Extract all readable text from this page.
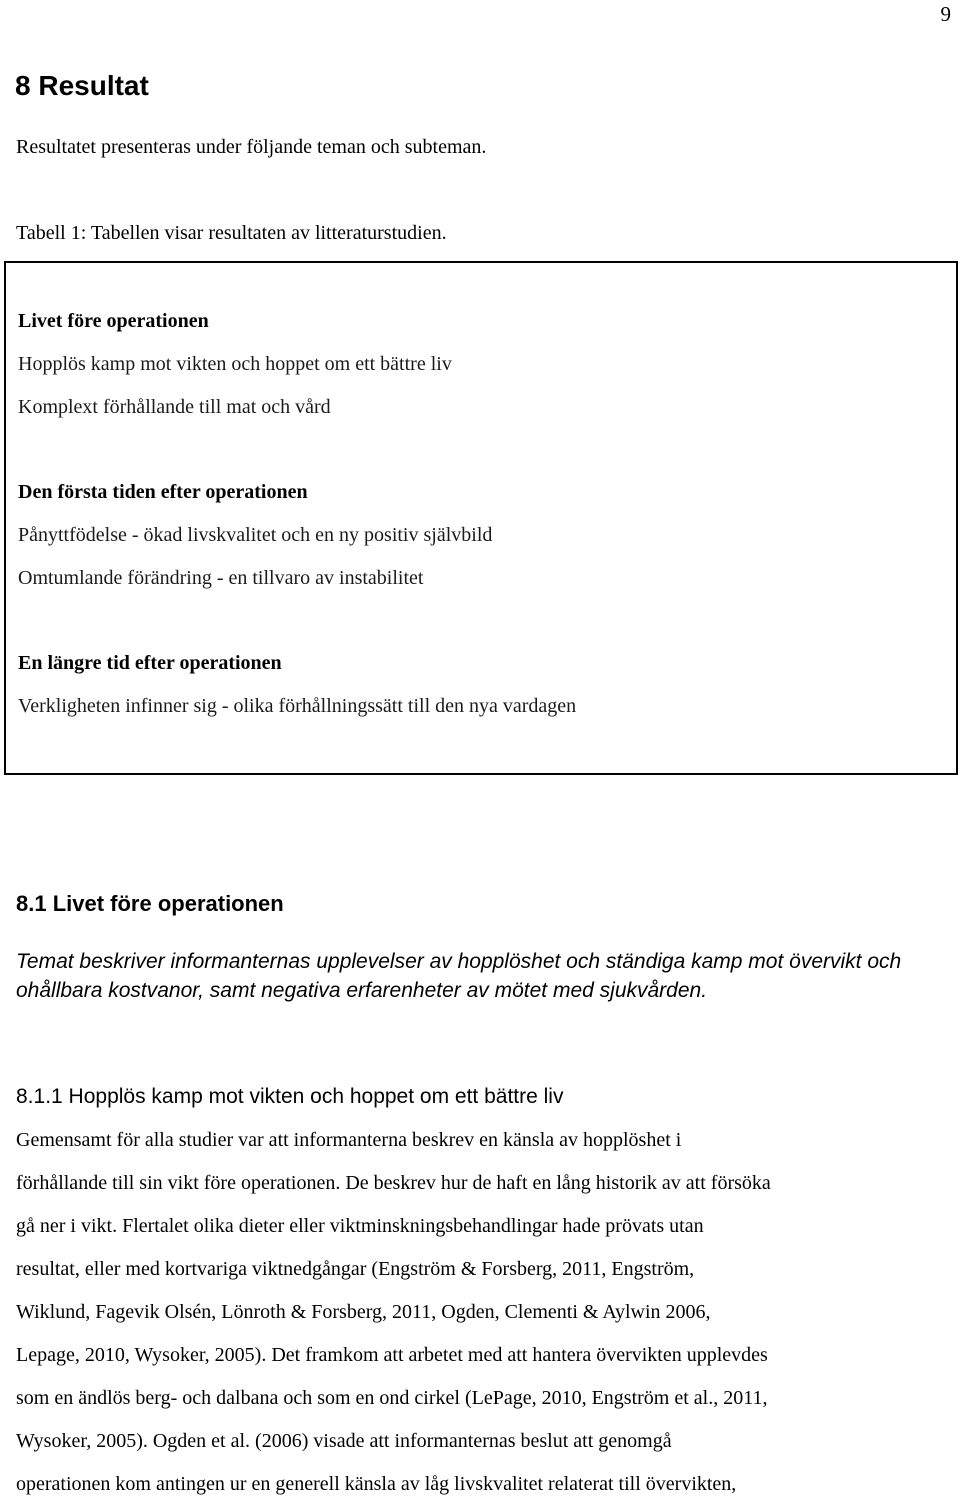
9
8 Resultat
Resultatet presenteras under följande teman och subteman.
Tabell 1: Tabellen visar resultaten av litteraturstudien.
Livet före operationen
Hopplös kamp mot vikten och hoppet om ett bättre liv
Komplext förhållande till mat och vård
Den första tiden efter operationen
Pånyttfödelse - ökad livskvalitet och en ny positiv självbild
Omtumlande förändring - en tillvaro av instabilitet
En längre tid efter operationen
Verkligheten infinner sig - olika förhållningssätt till den nya vardagen
8.1 Livet före operationen
Temat beskriver informanternas upplevelser av hopplöshet och ständiga kamp mot övervikt och ohållbara kostvanor, samt negativa erfarenheter av mötet med sjukvården.
8.1.1 Hopplös kamp mot vikten och hoppet om ett bättre liv
Gemensamt för alla studier var att informanterna beskrev en känsla av hopplöshet i
förhållande till sin vikt före operationen. De beskrev hur de haft en lång historik av att försöka
gå ner i vikt. Flertalet olika dieter eller viktminskningsbehandlingar hade prövats utan
resultat, eller med kortvariga viktnedgångar (Engström & Forsberg, 2011, Engström,
Wiklund, Fagevik Olsén, Lönroth & Forsberg, 2011, Ogden, Clementi & Aylwin 2006,
Lepage, 2010, Wysoker, 2005). Det framkom att arbetet med att hantera övervikten upplevdes
som en ändlös berg- och dalbana och som en ond cirkel (LePage, 2010, Engström et al., 2011,
Wysoker, 2005). Ogden et al. (2006) visade att informanternas beslut att genomgå
operationen kom antingen ur en generell känsla av låg livskvalitet relaterat till övervikten,
